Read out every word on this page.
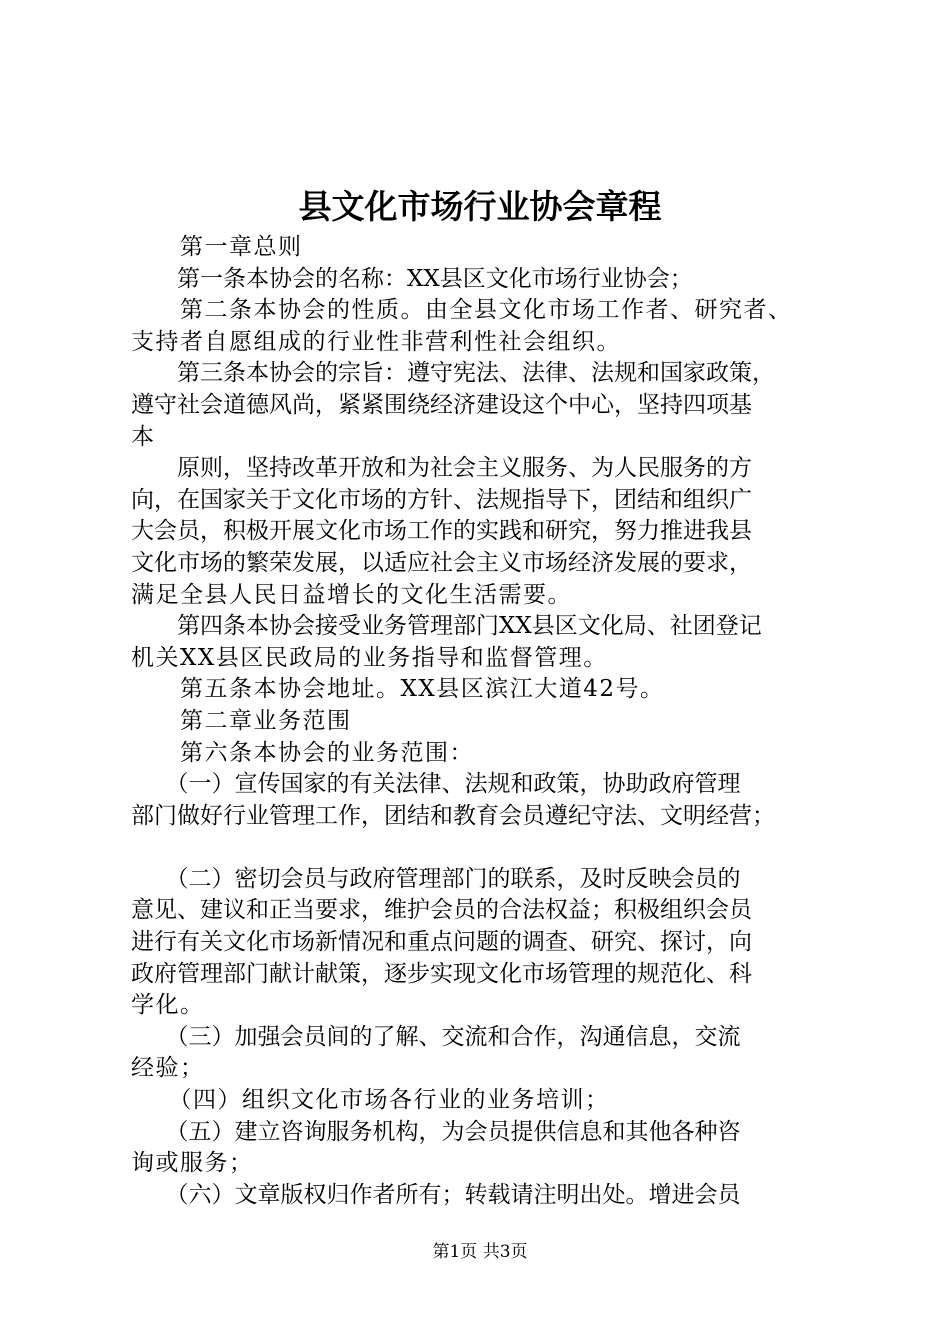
县文化市场行业协会章程
　　第一章总则
　　第一条本协会的名称：XX县区文化市场行业协会；
　　第二条本协会的性质。由全县文化市场工作者、研究者、
支持者自愿组成的行业性非营利性社会组织。
　　第三条本协会的宗旨：遵守宪法、法律、法规和国家政策，
遵守社会道德风尚，紧紧围绕经济建设这个中心，坚持四项基
本
　　原则，坚持改革开放和为社会主义服务、为人民服务的方
向，在国家关于文化市场的方针、法规指导下，团结和组织广
大会员，积极开展文化市场工作的实践和研究，努力推进我县
文化市场的繁荣发展，以适应社会主义市场经济发展的要求，
满足全县人民日益增长的文化生活需要。
　　第四条本协会接受业务管理部门XX县区文化局、社团登记
机关XX县区民政局的业务指导和监督管理。
　　第五条本协会地址。XX县区滨江大道42号。
　　第二章业务范围
　　第六条本协会的业务范围：
　　（一）宣传国家的有关法律、法规和政策，协助政府管理
部门做好行业管理工作，团结和教育会员遵纪守法、文明经营；
　　（二）密切会员与政府管理部门的联系，及时反映会员的
意见、建议和正当要求，维护会员的合法权益；积极组织会员
进行有关文化市场新情况和重点问题的调查、研究、探讨，向
政府管理部门献计献策，逐步实现文化市场管理的规范化、科
学化。
　　（三）加强会员间的了解、交流和合作，沟通信息，交流
经验；
　　（四）组织文化市场各行业的业务培训；
　　（五）建立咨询服务机构，为会员提供信息和其他各种咨
询或服务；
　　（六）文章版权归作者所有；转载请注明出处。增进会员
第1页 共3页
